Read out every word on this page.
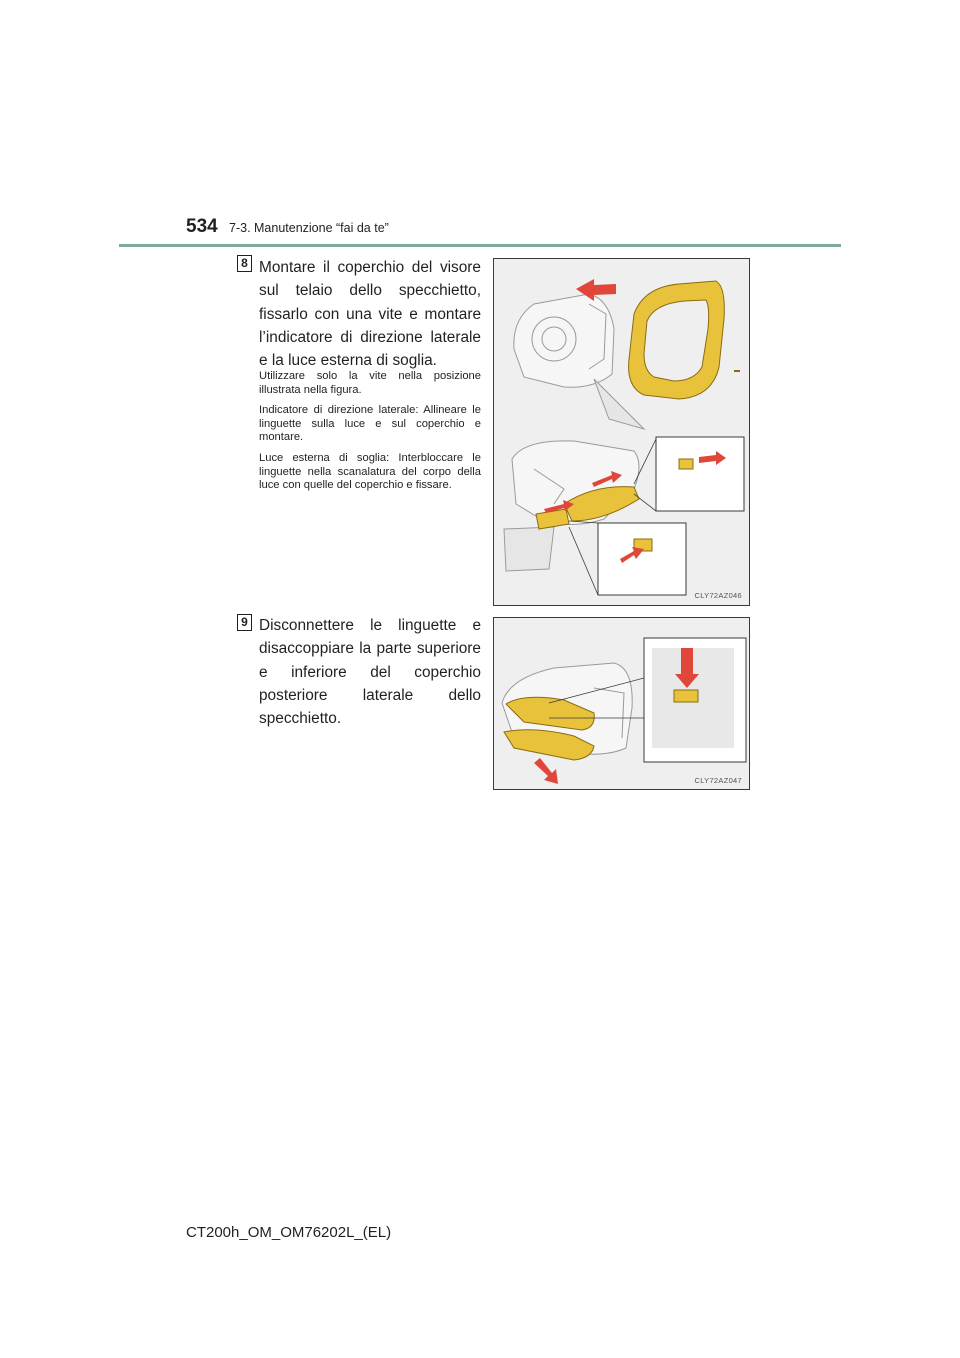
534 7-3. Manutenzione “fai da te”
8 Montare il coperchio del visore sul telaio dello specchietto, fissarlo con una vite e montare l’indicatore di direzione laterale e la luce esterna di soglia.

Utilizzare solo la vite nella posizione illustrata nella figura.

Indicatore di direzione laterale: Allineare le linguette sulla luce e sul coperchio e montare.

Luce esterna di soglia: Interbloccare le linguette nella scanalatura del corpo della luce con quelle del coperchio e fissare.

CLY72AZ046
9 Disconnettere le linguette e disaccoppiare la parte superiore e inferiore del coperchio posteriore laterale dello specchietto.
CLY72AZ047
CT200h_OM_OM76202L_(EL)
